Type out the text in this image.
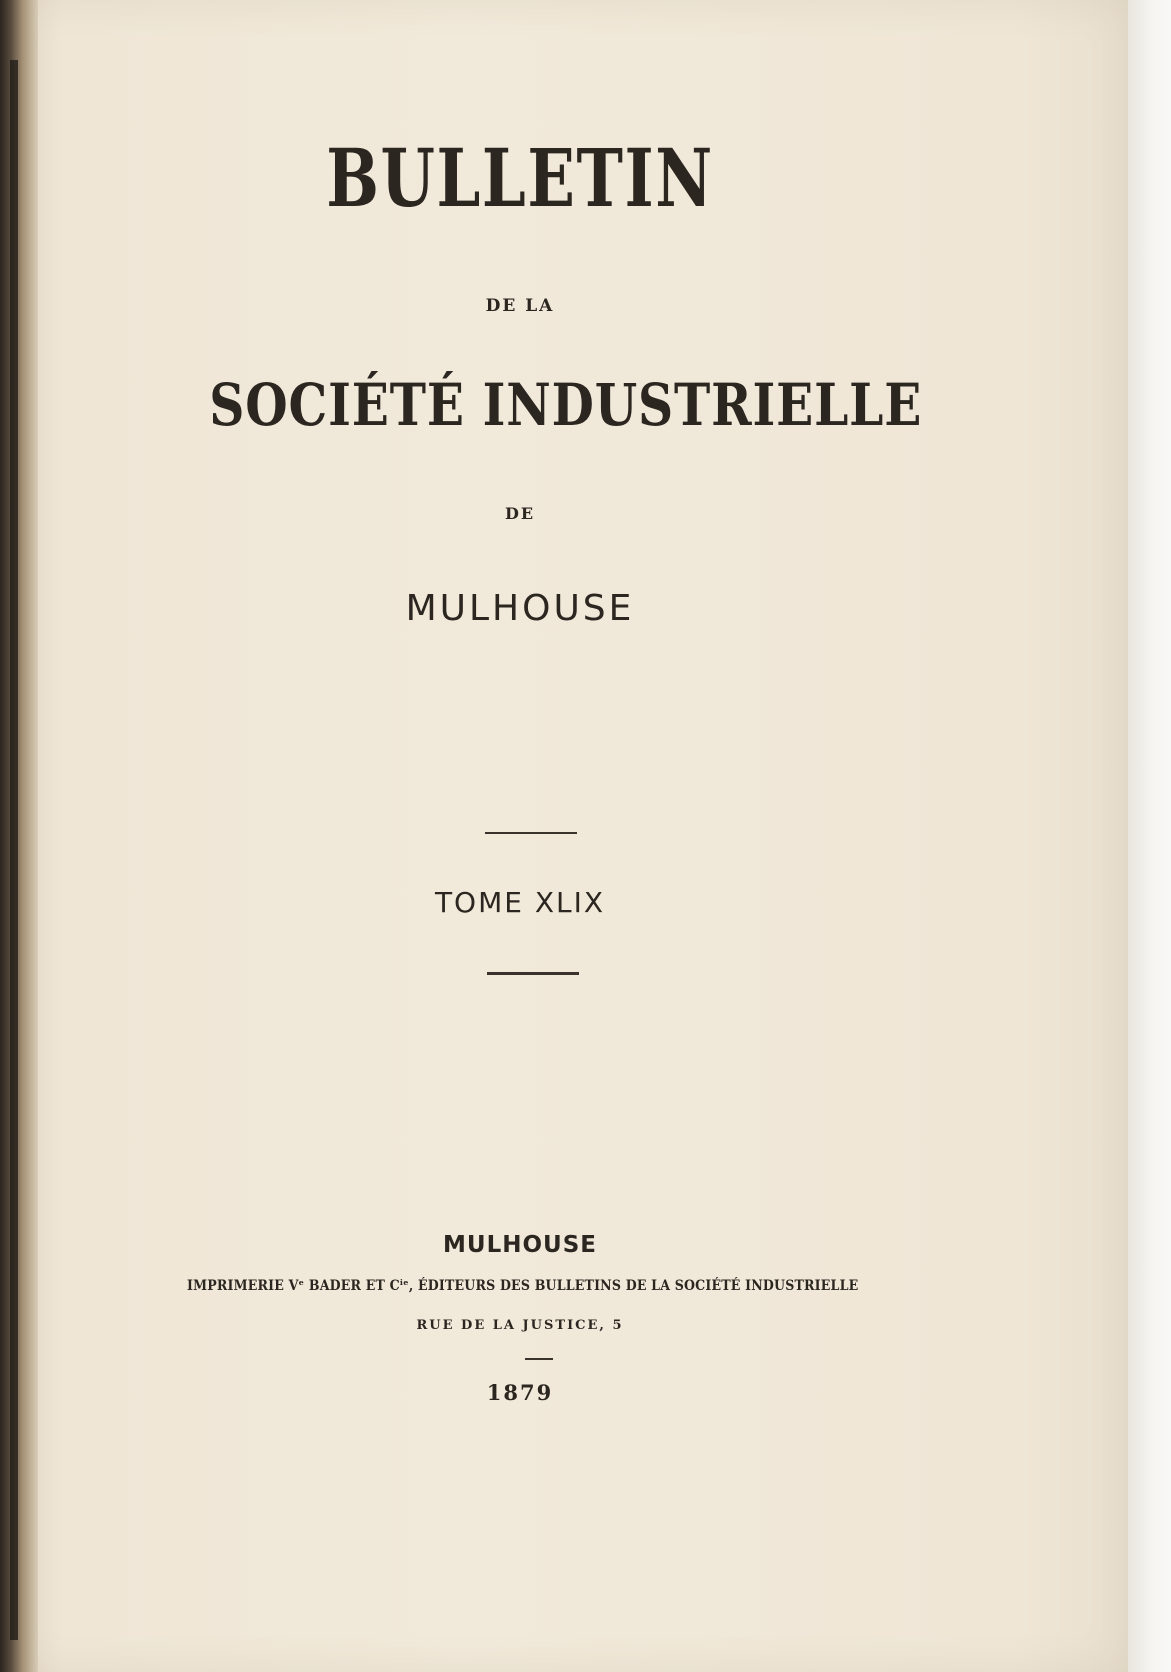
BULLETIN
DE LA
SOCIÉTÉ INDUSTRIELLE
DE
MULHOUSE
TOME XLIX
MULHOUSE
IMPRIMERIE Vᵉ BADER ET Cⁱᵉ, ÉDITEURS DES BULLETINS DE LA SOCIÉTÉ INDUSTRIELLE
RUE DE LA JUSTICE, 5
1879
